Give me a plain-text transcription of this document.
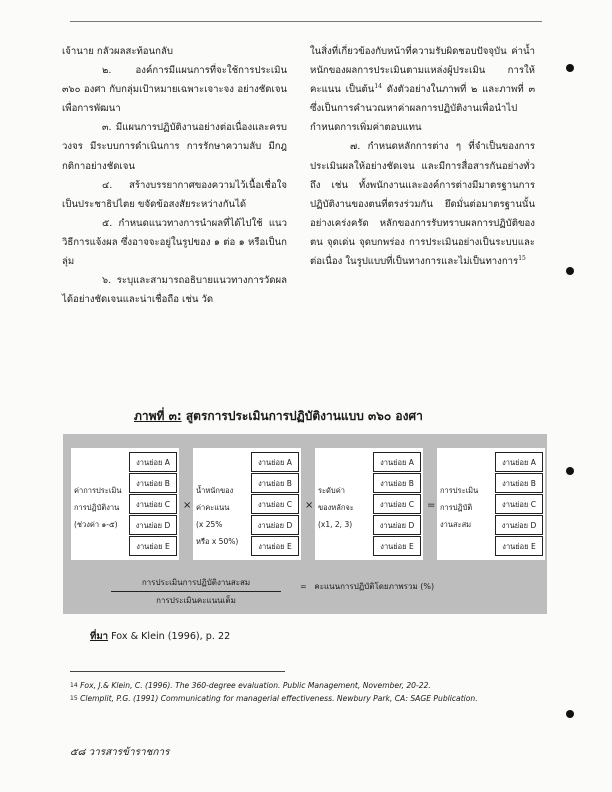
เจ้านาย กลัวผลสะท้อนกลับ

๒. องค์การมีแผนการที่จะใช้การประเมิน ๓๖๐ องศา กับกลุ่มเป้าหมายเฉพาะเจาะจง อย่างชัดเจน เพื่อการพัฒนา

๓. มีแผนการปฏิบัติงานอย่างต่อเนื่องและครบวงจร มีระบบการดำเนินการ การรักษาความลับ มีกฎกติกาอย่างชัดเจน

๔. สร้างบรรยากาศของความไว้เนื้อเชื่อใจ เป็นประชาธิปไตย ขจัดข้อสงสัยระหว่างกันได้

๕. กำหนดแนวทางการนำผลที่ได้ไปใช้ แนววิธีการแจ้งผล ซึ่งอาจจะอยู่ในรูปของ ๑ ต่อ ๑ หรือเป็นกลุ่ม

๖. ระบุและสามารถอธิบายแนวทางการวัดผลได้อย่างชัดเจนและน่าเชื่อถือ เช่น วัด

ในสิ่งที่เกี่ยวข้องกับหน้าที่ความรับผิดชอบปัจจุบัน ค่าน้ำหนักของผลการประเมินตามแหล่งผู้ประเมิน การให้คะแนน เป็นต้น$^{14}$ ดังตัวอย่างในภาพที่ ๒ และภาพที่ ๓ ซึ่งเป็นการคำนวณหาค่าผลการปฏิบัติงานเพื่อนำไปกำหนดการเพิ่มค่าตอบแทน

๗. กำหนดหลักการต่าง ๆ ที่จำเป็นของการประเมินผลให้อย่างชัดเจน และมีการสื่อสารกันอย่างทั่วถึง เช่น ทั้งพนักงานและองค์การต่างมีมาตรฐานการปฏิบัติงานของตนที่ตรงร่วมกัน ยึดมั่นต่อมาตรฐานนั้นอย่างเคร่งครัด หลักของการรับทราบผลการปฏิบัติของตน จุดเด่น จุดบกพร่อง การประเมินอย่างเป็นระบบและต่อเนื่อง ในรูปแบบที่เป็นทางการและไม่เป็นทางการ$^{15}$

ภาพที่ ๓: สูตรการประเมินการปฏิบัติงานแบบ ๓๖๐ องศา
ค่าการประเมิน
การปฏิบัติงาน
(ช่วงค่า ๑-๕)
งานย่อย A
งานย่อย B
งานย่อย C
งานย่อย D
งานย่อย E
×
น้ำหนักของ
ค่าคะแนน
(x 25%
หรือ x 50%)
งานย่อย A
งานย่อย B
งานย่อย C
งานย่อย D
งานย่อย E
×
ระดับค่า
ของหลักจะ
(x1, 2, 3)
งานย่อย A
งานย่อย B
งานย่อย C
งานย่อย D
งานย่อย E
=
การประเมิน
การปฏิบัติ
งานสะสม
งานย่อย A
งานย่อย B
งานย่อย C
งานย่อย D
งานย่อย E
การประเมินการปฏิบัติงานสะสม
การประเมินคะแนนเต็ม
= คะแนนการปฏิบัติโดยภาพรวม (%)
ที่มา Fox & Klein (1996), p. 22
$^{14}$ Fox, J.& Klein, C. (1996). The 360-degree evaluation. Public Management, November, 20-22.
$^{15}$ Clemplit, P.G. (1991) Communicating for managerial effectiveness. Newbury Park, CA: SAGE Publication.
๕๘ วารสารข้าราชการ
